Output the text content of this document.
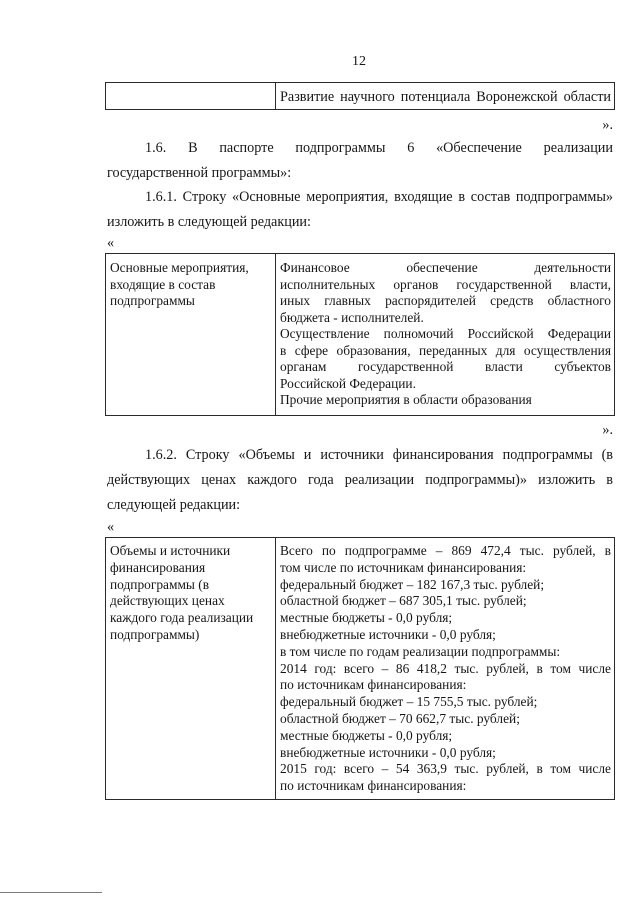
12
Развитие научного потенциала Воронежской области
».
1.6. В паспорте подпрограммы 6 «Обеспечение реализации
государственной программы»:
1.6.1. Строку «Основные мероприятия, входящие в состав подпрограммы»
изложить в следующей редакции:
«
Основные мероприятия,
входящие в состав
подпрограммы
Финансовое обеспечение деятельности
исполнительных органов государственной власти,
иных главных распорядителей средств областного
бюджета - исполнителей.
Осуществление полномочий Российской Федерации
в сфере образования, переданных для осуществления
органам государственной власти субъектов
Российской Федерации.
Прочие мероприятия в области образования
».
1.6.2. Строку «Объемы и источники финансирования подпрограммы (в
действующих ценах каждого года реализации подпрограммы)» изложить в
следующей редакции:
«
Объемы и источники
финансирования
подпрограммы (в
действующих ценах
каждого года реализации
подпрограммы)
Всего по подпрограмме – 869 472,4 тыс. рублей, в
том числе по источникам финансирования:
федеральный бюджет – 182 167,3 тыс. рублей;
областной бюджет – 687 305,1 тыс. рублей;
местные бюджеты - 0,0 рубля;
внебюджетные источники - 0,0 рубля;
в том числе по годам реализации подпрограммы:
2014 год: всего – 86 418,2 тыс. рублей, в том числе
по источникам финансирования:
федеральный бюджет – 15 755,5 тыс. рублей;
областной бюджет – 70 662,7 тыс. рублей;
местные бюджеты - 0,0 рубля;
внебюджетные источники - 0,0 рубля;
2015 год: всего – 54 363,9 тыс. рублей, в том числе
по источникам финансирования:
